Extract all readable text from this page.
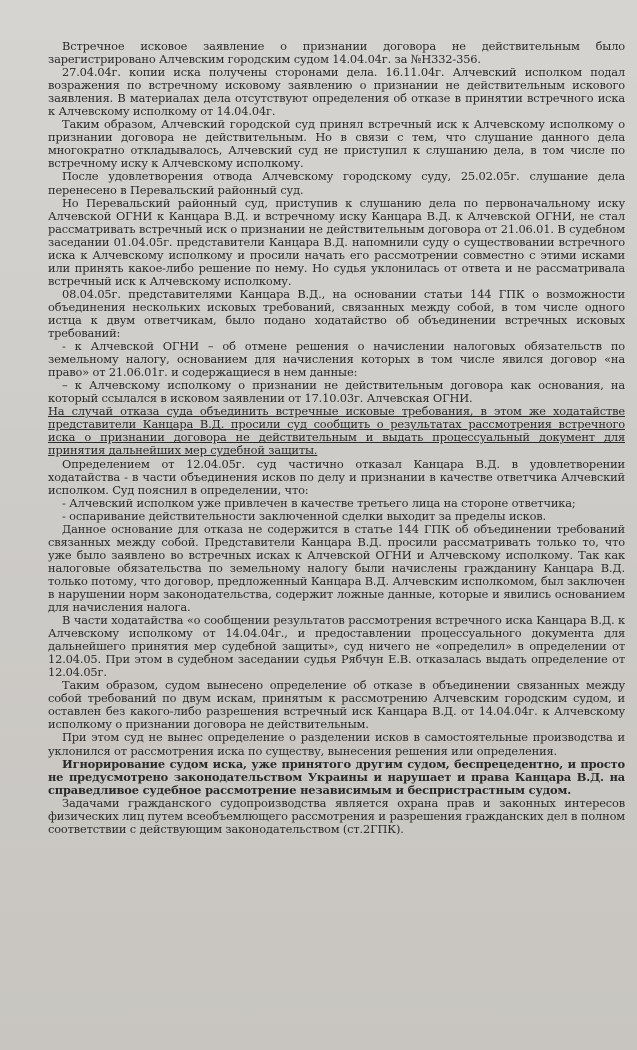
Встречное исковое заявление о признании договора не действительным было зарегистрировано Алчевским городским судом 14.04.04г. за №Н332-356.

27.04.04г. копии иска получены сторонами дела. 16.11.04г. Алчевский исполком подал возражения по встречному исковому заявлению о признании не действительным искового заявления. В материалах дела отсутствуют определения об отказе в принятии встречного иска к Алчевскому исполкому от 14.04.04г.

Таким образом, Алчевский городской суд принял встречный иск к Алчевскому исполкому о признании договора не действительным. Но в связи с тем, что слушание данного дела многократно откладывалось, Алчевский суд не приступил к слушанию дела, в том числе по встречному иску к Алчевскому исполкому.

После удовлетворения отвода Алчевскому городскому суду, 25.02.05г. слушание дела перенесено в Перевальский районный суд.

Но Перевальский районный суд, приступив к слушанию дела по первоначальному иску Алчевской ОГНИ к Канцара В.Д. и встречному иску Канцара В.Д. к Алчевской ОГНИ, не стал рассматривать встречный иск о признании не действительным договора от 21.06.01. В судебном заседании 01.04.05г. представители Канцара В.Д. напомнили суду о существовании встречного иска к Алчевскому исполкому и просили начать его рассмотрении совместно с этими исками или принять какое-либо решение по нему. Но судья уклонилась от ответа и не рассматривала встречный иск к Алчевскому исполкому.

08.04.05г. представителями Канцара В.Д., на основании статьи 144 ГПК о возможности объединения нескольких исковых требований, связанных между собой, в том числе одного истца к двум ответчикам, было подано ходатайство об объединении встречных исковых требований:

- к Алчевской ОГНИ – об отмене решения о начислении налоговых обязательств по земельному налогу, основанием для начисления которых в том числе явился договор «на право» от 21.06.01г. и содержащиеся в нем данные:

– к Алчевскому исполкому о признании не действительным договора как основания, на который ссылался в исковом заявлении от 17.10.03г. Алчевская ОГНИ.

На случай отказа суда объединить встречные исковые требования, в этом же ходатайстве представители Канцара В.Д. просили суд сообщить о результатах рассмотрения встречного иска о признании договора не действительным и выдать процессуальный документ для принятия дальнейших мер судебной защиты.

Определением от 12.04.05г. суд частично отказал Канцара В.Д. в удовлетворении ходатайства - в части объединения исков по делу и признании в качестве ответчика Алчевский исполком. Суд пояснил в определении, что:

- Алчевский исполком уже привлечен в качестве третьего лица на стороне ответчика;

- оспаривание действительности заключенной сделки выходит за пределы исков.

Данное основание для отказа не содержится в статье 144 ГПК об объединении требований связанных между собой. Представители Канцара В.Д. просили рассматривать только то, что уже было заявлено во встречных исках к Алчевской ОГНИ и Алчевскому исполкому. Так как налоговые обязательства по земельному налогу были начислены гражданину Канцара В.Д. только потому, что договор, предложенный Канцара В.Д. Алчевским исполкомом, был заключен в нарушении норм законодательства, содержит ложные данные, которые и явились основанием для начисления налога.

В части ходатайства «о сообщении результатов рассмотрения встречного иска Канцара В.Д. к Алчевскому исполкому от 14.04.04г., и предоставлении процессуального документа для дальнейшего принятия мер судебной защиты», суд ничего не «определил» в определении от 12.04.05. При этом в судебном заседании судья Рябчун Е.В. отказалась выдать определение от 12.04.05г.

Таким образом, судом вынесено определение об отказе в объединении связанных между собой требований по двум искам, принятым к рассмотрению Алчевским городским судом, и оставлен без какого-либо разрешения встречный иск Канцара В.Д. от 14.04.04г. к Алчевскому исполкому о признании договора не действительным.

При этом суд не вынес определение о разделении исков в самостоятельные производства и уклонился от рассмотрения иска по существу, вынесения решения или определения.

Игнорирование судом иска, уже принятого другим судом, беспрецедентно, и просто не предусмотрено законодательством Украины и нарушает и права Канцара В.Д. на справедливое судебное рассмотрение независимым и беспристрастным судом.

Задачами гражданского судопроизводства является охрана прав и законных интересов физических лиц путем всеобъемлющего рассмотрения и разрешения гражданских дел в полном соответствии с действующим законодательством (ст.2ГПК).
